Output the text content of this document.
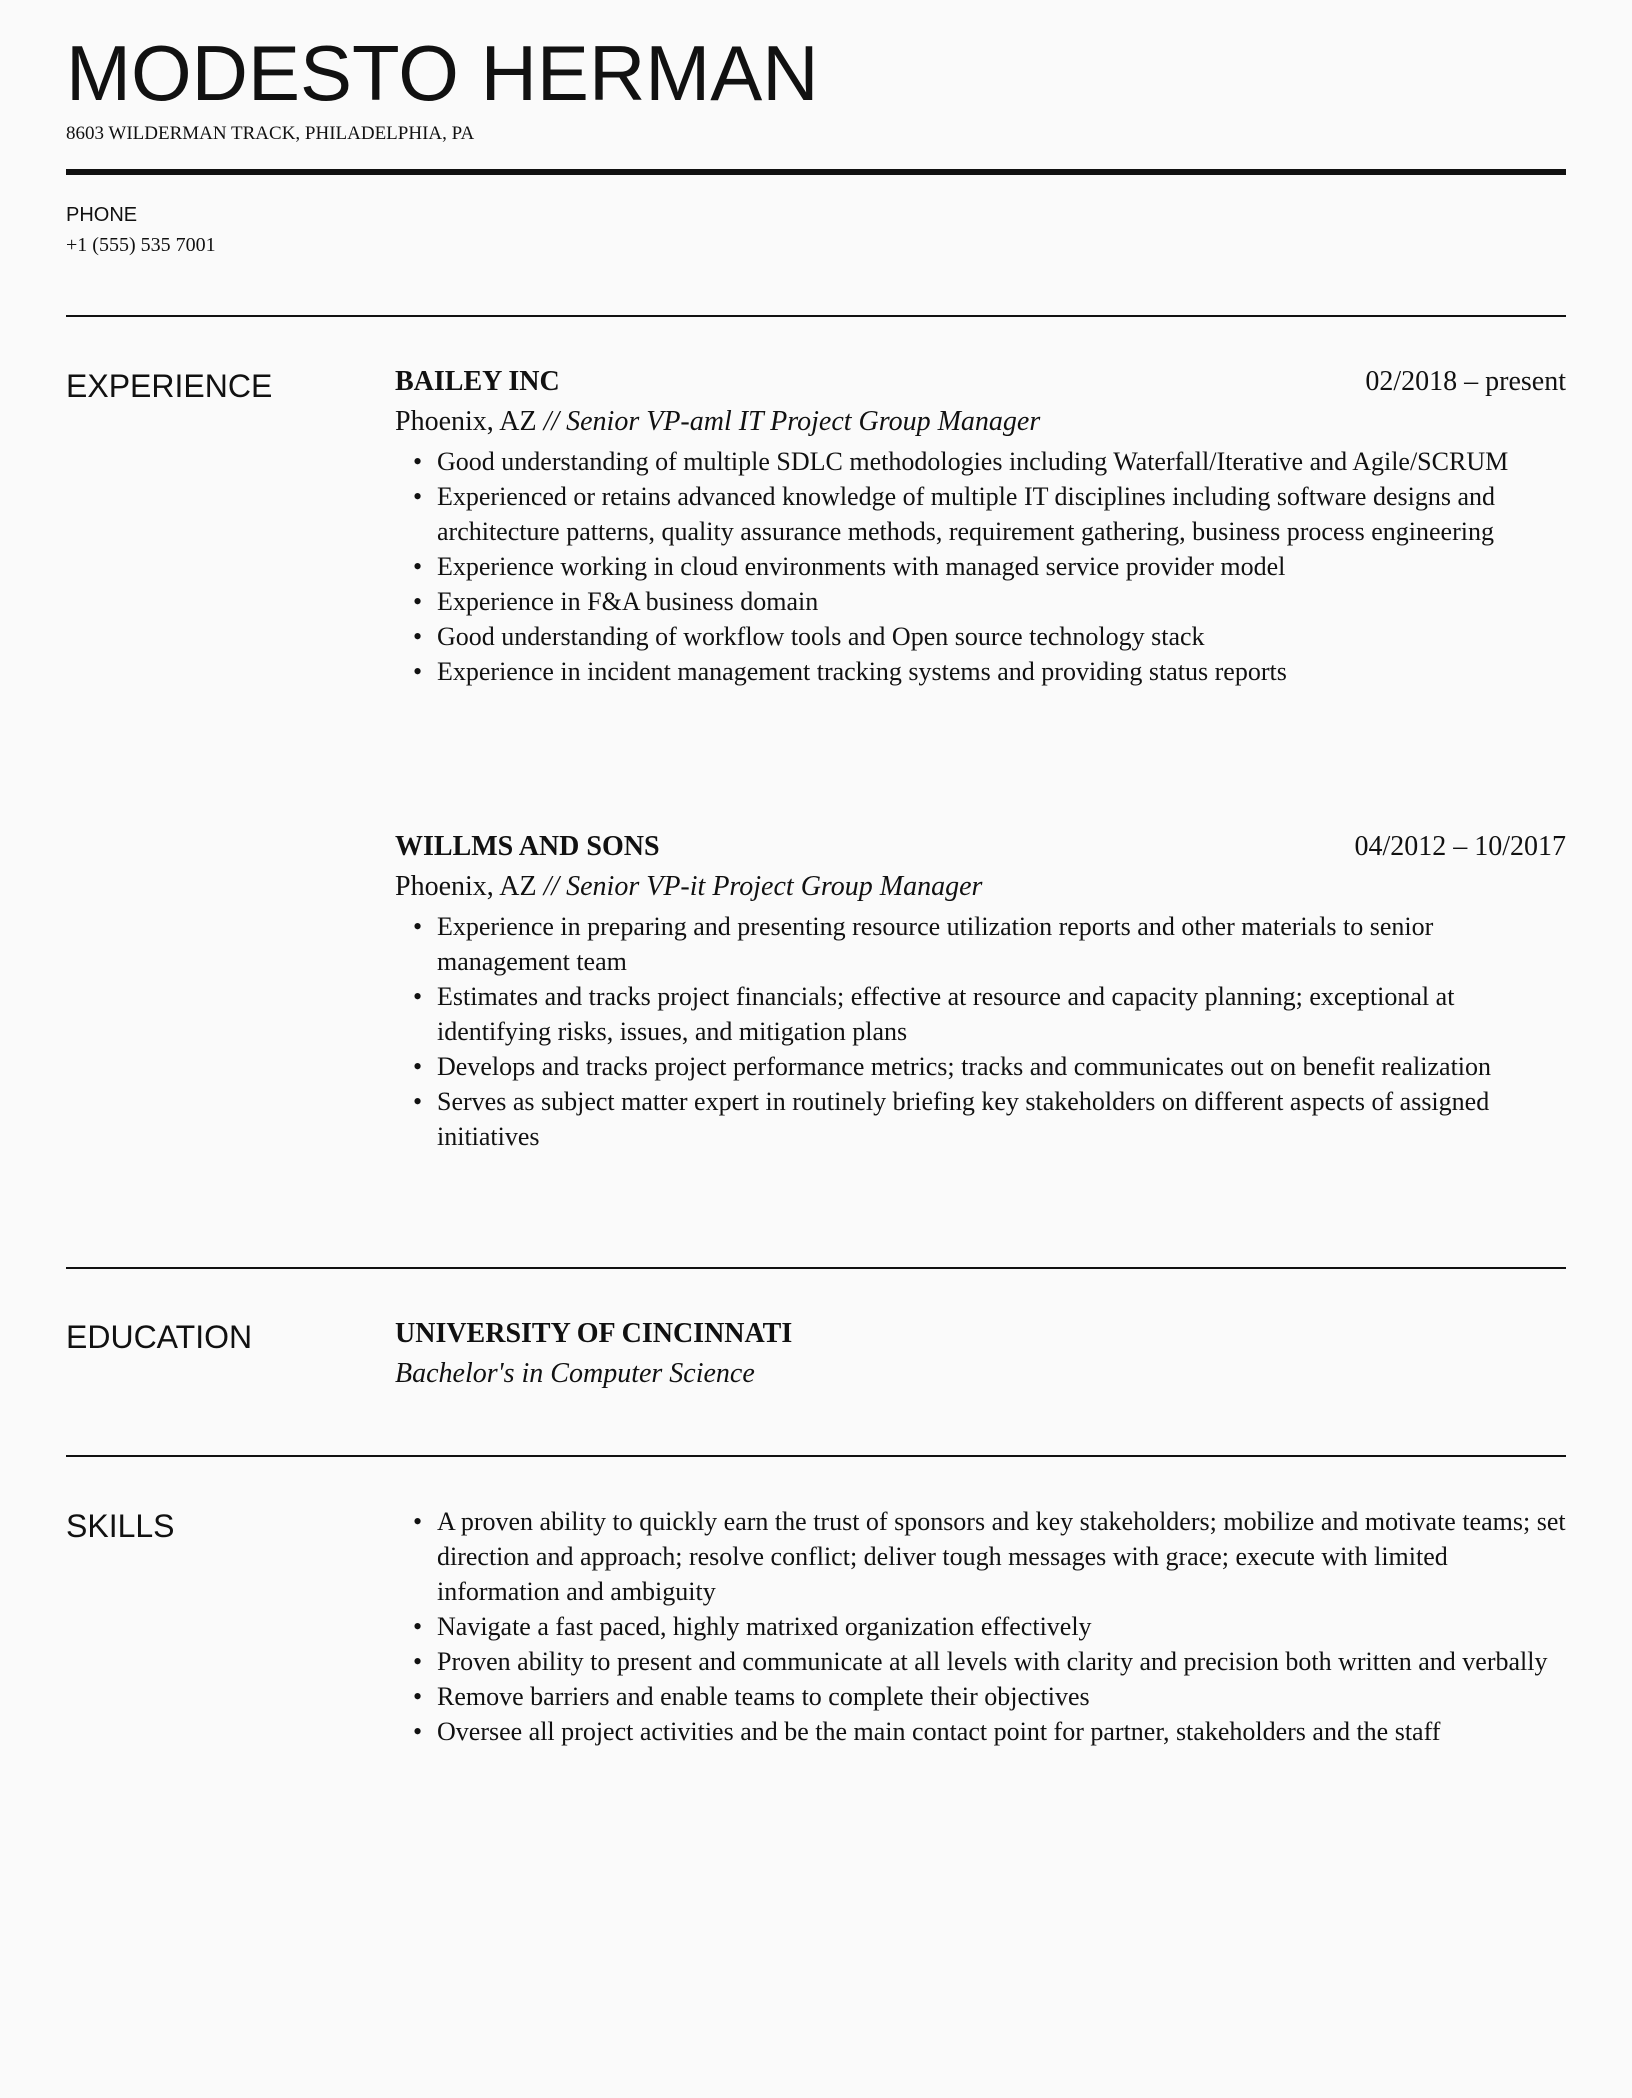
MODESTO HERMAN
8603 WILDERMAN TRACK, PHILADELPHIA, PA
PHONE
+1 (555) 535 7001
EXPERIENCE	BAILEY INC	02/2018 – present
Phoenix, AZ // Senior VP-aml IT Project Group Manager
• Good understanding of multiple SDLC methodologies including Waterfall/Iterative and Agile/SCRUM
• Experienced or retains advanced knowledge of multiple IT disciplines including software designs and architecture patterns, quality assurance methods, requirement gathering, business process engineering
• Experience working in cloud environments with managed service provider model
• Experience in F&A business domain
• Good understanding of workflow tools and Open source technology stack
• Experience in incident management tracking systems and providing status reports
WILLMS AND SONS	04/2012 – 10/2017
Phoenix, AZ // Senior VP-it Project Group Manager
• Experience in preparing and presenting resource utilization reports and other materials to senior management team
• Estimates and tracks project financials; effective at resource and capacity planning; exceptional at identifying risks, issues, and mitigation plans
• Develops and tracks project performance metrics; tracks and communicates out on benefit realization
• Serves as subject matter expert in routinely briefing key stakeholders on different aspects of assigned initiatives
EDUCATION	UNIVERSITY OF CINCINNATI
Bachelor's in Computer Science
SKILLS	• A proven ability to quickly earn the trust of sponsors and key stakeholders; mobilize and motivate teams; set direction and approach; resolve conflict; deliver tough messages with grace; execute with limited information and ambiguity
• Navigate a fast paced, highly matrixed organization effectively
• Proven ability to present and communicate at all levels with clarity and precision both written and verbally
• Remove barriers and enable teams to complete their objectives
• Oversee all project activities and be the main contact point for partner, stakeholders and the staff
